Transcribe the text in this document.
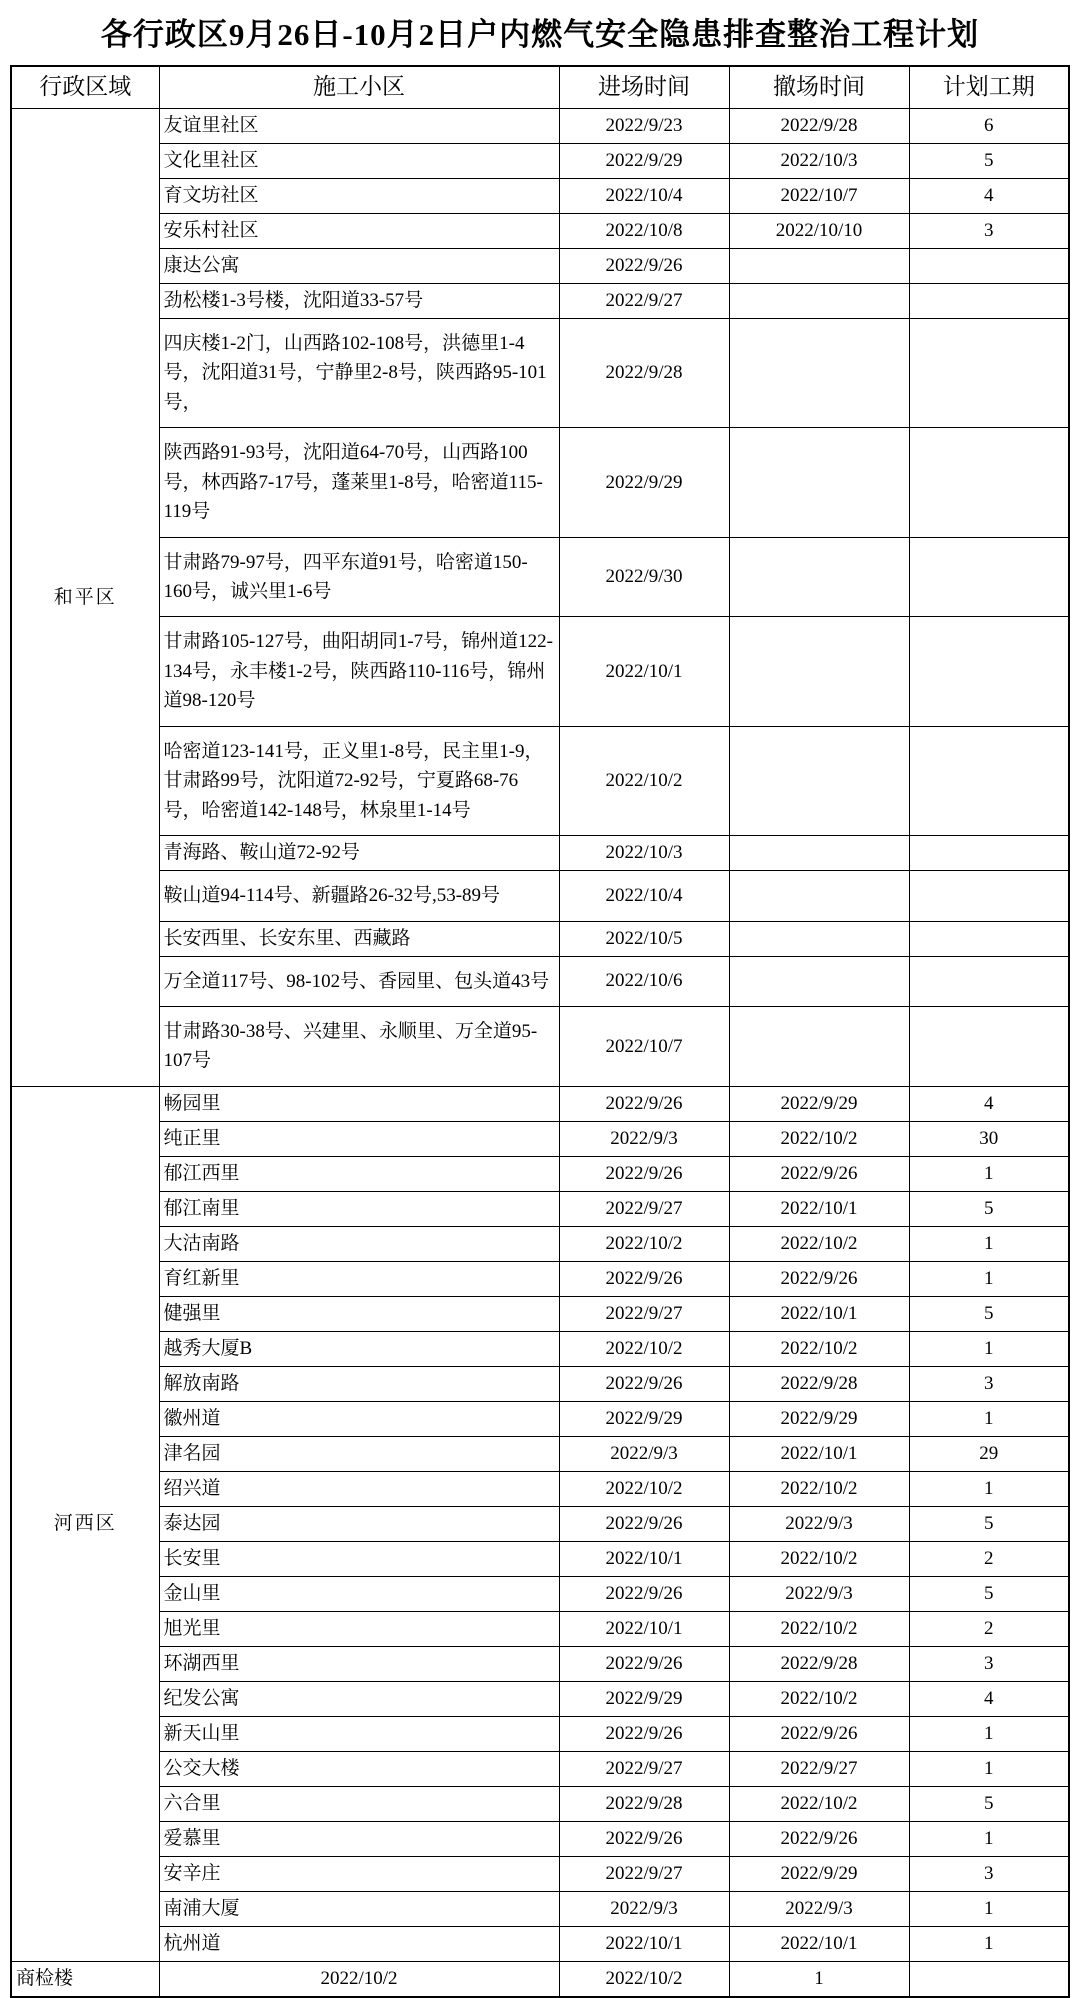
各行政区9月26日-10月2日户内燃气安全隐患排查整治工程计划
行政区域	施工小区	进场时间	撤场时间	计划工期
和平区	友谊里社区	2022/9/23	2022/9/28	6
	文化里社区	2022/9/29	2022/10/3	5
	育文坊社区	2022/10/4	2022/10/7	4
	安乐村社区	2022/10/8	2022/10/10	3
	康达公寓	2022/9/26		
	劲松楼1-3号楼，沈阳道33-57号	2022/9/27		
	四庆楼1-2门，山西路102-108号，洪德里1-4号，沈阳道31号，宁静里2-8号，陕西路95-101号，	2022/9/28		
	陕西路91-93号，沈阳道64-70号，山西路100号，林西路7-17号，蓬莱里1-8号，哈密道115-119号	2022/9/29		
	甘肃路79-97号，四平东道91号，哈密道150-160号，诚兴里1-6号	2022/9/30		
	甘肃路105-127号，曲阳胡同1-7号，锦州道122-134号，永丰楼1-2号，陕西路110-116号，锦州道98-120号	2022/10/1		
	哈密道123-141号，正义里1-8号，民主里1-9，甘肃路99号，沈阳道72-92号，宁夏路68-76号，哈密道142-148号，林泉里1-14号	2022/10/2		
	青海路、鞍山道72-92号	2022/10/3		
	鞍山道94-114号、新疆路26-32号,53-89号	2022/10/4		
	长安西里、长安东里、西藏路	2022/10/5		
	万全道117号、98-102号、香园里、包头道43号	2022/10/6		
	甘肃路30-38号、兴建里、永顺里、万全道95-107号	2022/10/7		
河西区	畅园里	2022/9/26	2022/9/29	4
	纯正里	2022/9/3	2022/10/2	30
	郁江西里	2022/9/26	2022/9/26	1
	郁江南里	2022/9/27	2022/10/1	5
	大沽南路	2022/10/2	2022/10/2	1
	育红新里	2022/9/26	2022/9/26	1
	健强里	2022/9/27	2022/10/1	5
	越秀大厦B	2022/10/2	2022/10/2	1
	解放南路	2022/9/26	2022/9/28	3
	徽州道	2022/9/29	2022/9/29	1
	津名园	2022/9/3	2022/10/1	29
	绍兴道	2022/10/2	2022/10/2	1
	泰达园	2022/9/26	2022/9/3	5
	长安里	2022/10/1	2022/10/2	2
	金山里	2022/9/26	2022/9/3	5
	旭光里	2022/10/1	2022/10/2	2
	环湖西里	2022/9/26	2022/9/28	3
	纪发公寓	2022/9/29	2022/10/2	4
	新天山里	2022/9/26	2022/9/26	1
	公交大楼	2022/9/27	2022/9/27	1
	六合里	2022/9/28	2022/10/2	5
	爱慕里	2022/9/26	2022/9/26	1
	安辛庄	2022/9/27	2022/9/29	3
	南浦大厦	2022/9/3	2022/9/3	1
	杭州道	2022/10/1	2022/10/1	1
商检楼	2022/10/2	2022/10/2	1	
